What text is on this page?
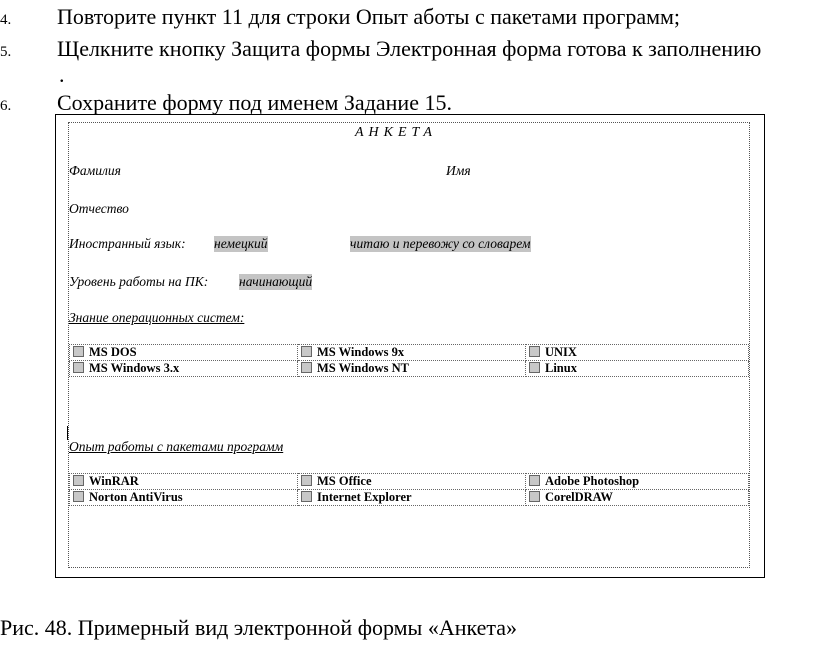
4. Повторите пункт 11 для строки Опыт аботы с пакетами программ;
5. Щелкните кнопку Защита формы Электронная форма готова к заполнению
.
6. Сохраните форму под именем Задание 15.
АНКЕТА
Фамилия	Имя
Отчество
Иностранный язык: немецкий	читаю и перевожу со словарем
Уровень работы на ПК: начинающий
Знание операционных систем:
MS DOS	MS Windows 9x	UNIX
MS Windows 3.x	MS Windows NT	Linux
Опыт работы с пакетами программ
WinRAR	MS Office	Adobe Photoshop
Norton AntiVirus	Internet Explorer	CorelDRAW
Рис. 48. Примерный вид электронной формы «Анкета»
